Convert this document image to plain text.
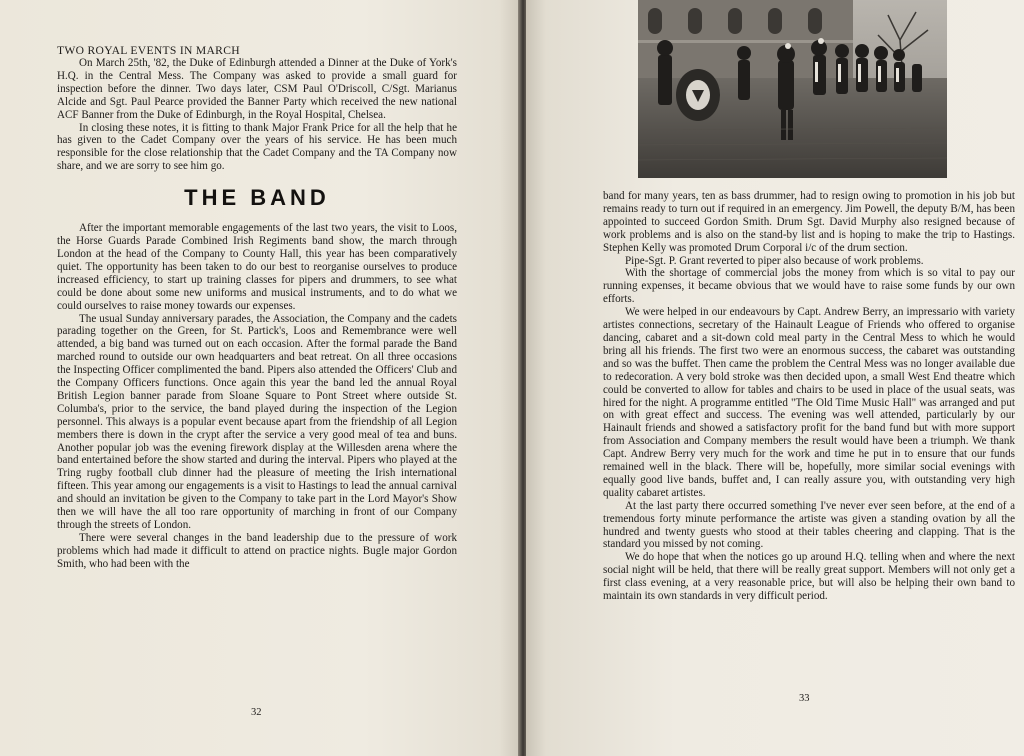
TWO ROYAL EVENTS IN MARCH

On March 25th, '82, the Duke of Edinburgh attended a Dinner at the Duke of York's H.Q. in the Central Mess. The Company was asked to provide a small guard for inspection before the dinner. Two days later, CSM Paul O'Driscoll, C/Sgt. Marianus Alcide and Sgt. Paul Pearce provided the Banner Party which received the new national ACF Banner from the Duke of Edinburgh, in the Royal Hospital, Chelsea.

In closing these notes, it is fitting to thank Major Frank Price for all the help that he has given to the Cadet Company over the years of his service. He has been much responsible for the close relationship that the Cadet Company and the TA Company now share, and we are sorry to see him go.

THE BAND

After the important memorable engagements of the last two years, the visit to Loos, the Horse Guards Parade Combined Irish Regiments band show, the march through London at the head of the Company to County Hall, this year has been comparatively quiet. The opportunity has been taken to do our best to reorganise ourselves to produce increased efficiency, to start up training classes for pipers and drummers, to see what could be done about some new uniforms and musical instruments, and to do what we could ourselves to raise money towards our expenses.

The usual Sunday anniversary parades, the Association, the Company and the cadets parading together on the Green, for St. Partick's, Loos and Remembrance were well attended, a big band was turned out on each occasion. After the formal parade the Band marched round to outside our own headquarters and beat retreat. On all three occasions the Inspecting Officer complimented the band. Pipers also attended the Officers' Club and the Company Officers functions. Once again this year the band led the annual Royal British Legion banner parade from Sloane Square to Pont Street where outside St. Columba's, prior to the service, the band played during the inspection of the Legion personnel. This always is a popular event because apart from the friendship of all Legion members there is down in the crypt after the service a very good meal of tea and buns. Another popular job was the evening firework display at the Willesden arena where the band entertained before the show started and during the interval. Pipers who played at the Tring rugby football club dinner had the pleasure of meeting the Irish international fifteen. This year among our engagements is a visit to Hastings to lead the annual carnival and should an invitation be given to the Company to take part in the Lord Mayor's Show then we will have the all too rare opportunity of marching in front of our Company through the streets of London.

There were several changes in the band leadership due to the pressure of work problems which had made it difficult to attend on practice nights. Bugle major Gordon Smith, who had been with the

32

band for many years, ten as bass drummer, had to resign owing to promotion in his job but remains ready to turn out if required in an emergency. Jim Powell, the deputy B/M, has been appointed to succeed Gordon Smith. Drum Sgt. David Murphy also resigned because of work problems and is also on the stand-by list and is hoping to make the trip to Hastings. Stephen Kelly was promoted Drum Corporal i/c of the drum section.

Pipe-Sgt. P. Grant reverted to piper also because of work problems.

With the shortage of commercial jobs the money from which is so vital to pay our running expenses, it became obvious that we would have to raise some funds by our own efforts.

We were helped in our endeavours by Capt. Andrew Berry, an impressario with variety artistes connections, secretary of the Hainault League of Friends who offered to organise dancing, cabaret and a sit-down cold meal party in the Central Mess to which he would bring all his friends. The first two were an enormous success, the cabaret was outstanding and so was the buffet. Then came the problem the Central Mess was no longer available due to redecoration. A very bold stroke was then decided upon, a small West End theatre which could be converted to allow for tables and chairs to be used in place of the usual seats, was hired for the night. A programme entitled "The Old Time Music Hall" was arranged and put on with great effect and success. The evening was well attended, particularly by our Hainault friends and showed a satisfactory profit for the band fund but with more support from Association and Company members the result would have been a triumph. We thank Capt. Andrew Berry very much for the work and time he put in to ensure that our funds remained well in the black. There will be, hopefully, more similar social evenings with equally good live bands, buffet and, I can really assure you, with outstanding very high quality cabaret artistes.

At the last party there occurred something I've never ever seen before, at the end of a tremendous forty minute performance the artiste was given a standing ovation by all the hundred and twenty guests who stood at their tables cheering and clapping. That is the standard you missed by not coming.

We do hope that when the notices go up around H.Q. telling when and where the next social night will be held, that there will be really great support. Members will not only get a first class evening, at a very reasonable price, but will also be helping their own band to maintain its own standards in very difficult period.

33
